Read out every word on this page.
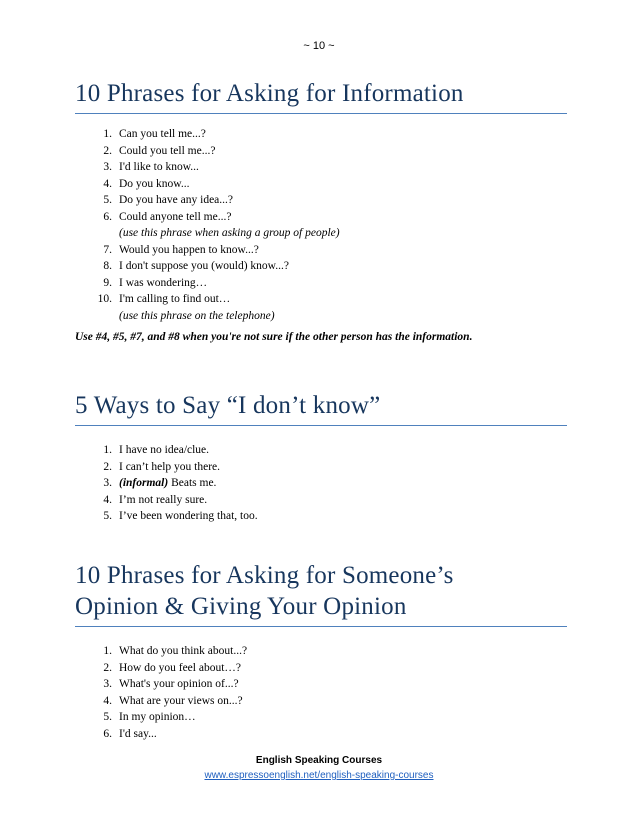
~ 10 ~
10 Phrases for Asking for Information
1. Can you tell me...?
2. Could you tell me...?
3. I'd like to know...
4. Do you know...
5. Do you have any idea...?
6. Could anyone tell me...?
(use this phrase when asking a group of people)
7. Would you happen to know...?
8. I don't suppose you (would) know...?
9. I was wondering…
10. I'm calling to find out…
(use this phrase on the telephone)
Use #4, #5, #7, and #8 when you're not sure if the other person has the information.
5 Ways to Say “I don’t know”
1. I have no idea/clue.
2. I can’t help you there.
3. (informal) Beats me.
4. I’m not really sure.
5. I’ve been wondering that, too.
10 Phrases for Asking for Someone’s
Opinion & Giving Your Opinion
1. What do you think about...?
2. How do you feel about…?
3. What's your opinion of...?
4. What are your views on...?
5. In my opinion…
6. I'd say...
English Speaking Courses
www.espressoenglish.net/english-speaking-courses
